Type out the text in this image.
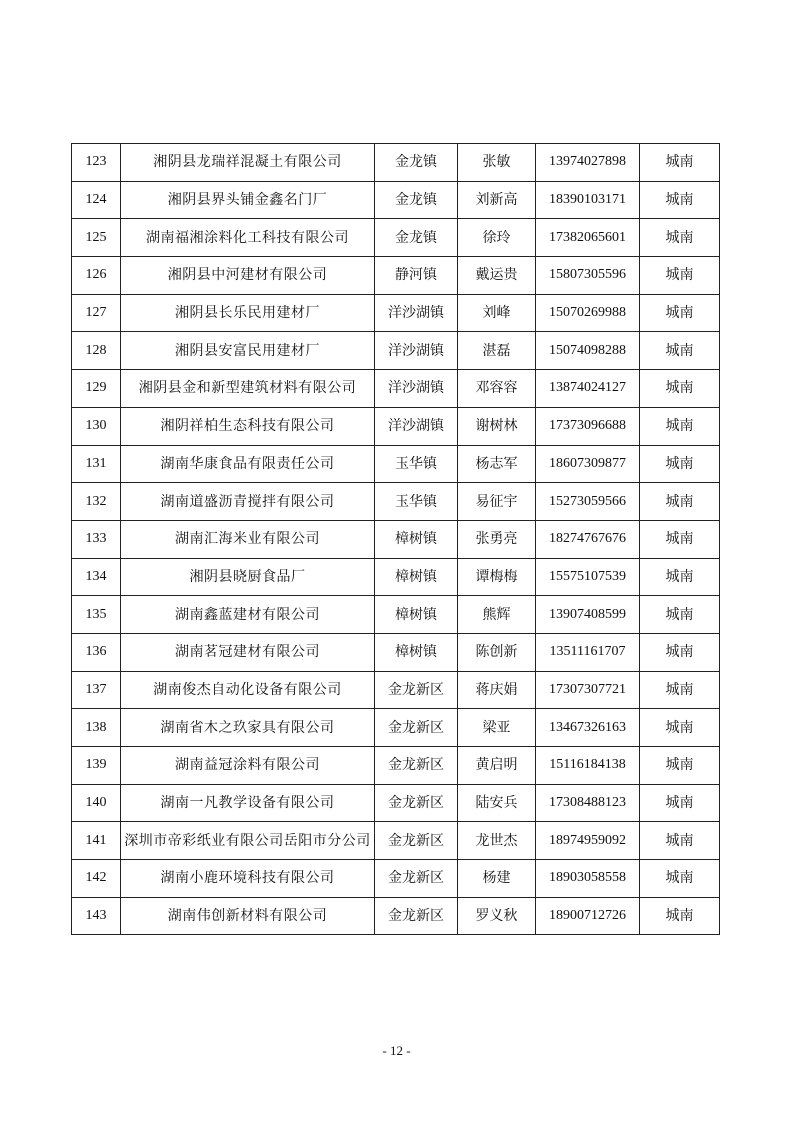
123	湘阴县龙瑞祥混凝土有限公司	金龙镇	张敏	13974027898	城南
124	湘阴县界头铺金鑫名门厂	金龙镇	刘新高	18390103171	城南
125	湖南福湘涂料化工科技有限公司	金龙镇	徐玲	17382065601	城南
126	湘阴县中河建材有限公司	静河镇	戴运贵	15807305596	城南
127	湘阴县长乐民用建材厂	洋沙湖镇	刘峰	15070269988	城南
128	湘阴县安富民用建材厂	洋沙湖镇	湛磊	15074098288	城南
129	湘阴县金和新型建筑材料有限公司	洋沙湖镇	邓容容	13874024127	城南
130	湘阴祥柏生态科技有限公司	洋沙湖镇	谢树林	17373096688	城南
131	湖南华康食品有限责任公司	玉华镇	杨志军	18607309877	城南
132	湖南道盛沥青搅拌有限公司	玉华镇	易征宇	15273059566	城南
133	湖南汇海米业有限公司	樟树镇	张勇亮	18274767676	城南
134	湘阴县晓厨食品厂	樟树镇	谭梅梅	15575107539	城南
135	湖南鑫蓝建材有限公司	樟树镇	熊辉	13907408599	城南
136	湖南茗冠建材有限公司	樟树镇	陈创新	13511161707	城南
137	湖南俊杰自动化设备有限公司	金龙新区	蒋庆娟	17307307721	城南
138	湖南省木之玖家具有限公司	金龙新区	梁亚	13467326163	城南
139	湖南益冠涂料有限公司	金龙新区	黄启明	15116184138	城南
140	湖南一凡教学设备有限公司	金龙新区	陆安兵	17308488123	城南
141	深圳市帝彩纸业有限公司岳阳市分公司	金龙新区	龙世杰	18974959092	城南
142	湖南小鹿环境科技有限公司	金龙新区	杨建	18903058558	城南
143	湖南伟创新材料有限公司	金龙新区	罗义秋	18900712726	城南
- 12 -
